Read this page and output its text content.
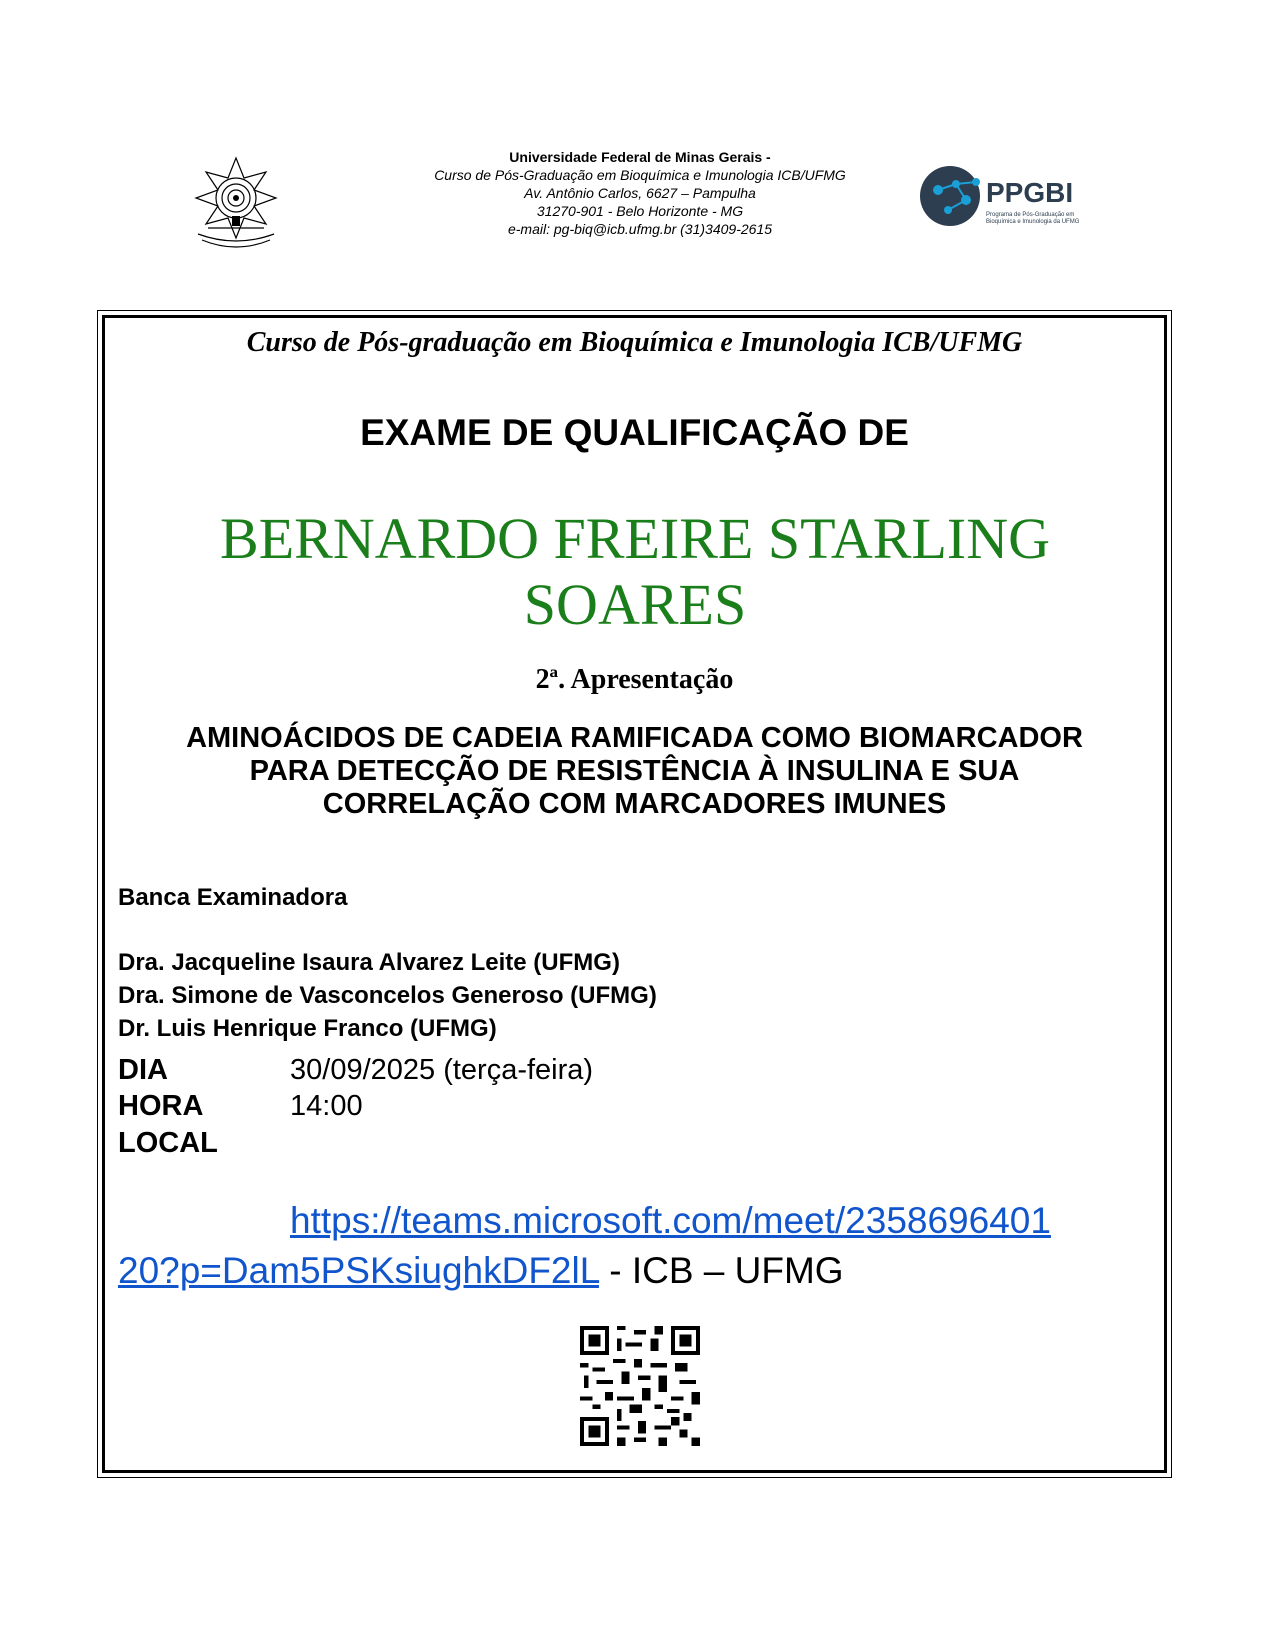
Universidade Federal de Minas Gerais -
Curso de Pós-Graduação em Bioquímica e Imunologia ICB/UFMG
Av. Antônio Carlos, 6627 – Pampulha
31270-901 - Belo Horizonte - MG
e-mail: pg-biq@icb.ufmg.br (31)3409-2615
PPGBI
Programa de Pós-Graduação em
Bioquímica e Imunologia da UFMG
Curso de Pós-graduação em Bioquímica e Imunologia ICB/UFMG
EXAME DE QUALIFICAÇÃO DE
BERNARDO FREIRE STARLING
SOARES
2ª. Apresentação
AMINOÁCIDOS DE CADEIA RAMIFICADA COMO BIOMARCADOR
PARA DETECÇÃO DE RESISTÊNCIA À INSULINA E SUA
CORRELAÇÃO COM MARCADORES IMUNES
Banca Examinadora
Dra. Jacqueline Isaura Alvarez Leite (UFMG)
Dra. Simone de Vasconcelos Generoso (UFMG)
Dr. Luis Henrique Franco (UFMG)
DIA	30/09/2025 (terça-feira)
HORA	14:00
LOCAL
https://teams.microsoft.com/meet/2358696401
20?p=Dam5PSKsiughkDF2lL - ICB – UFMG
